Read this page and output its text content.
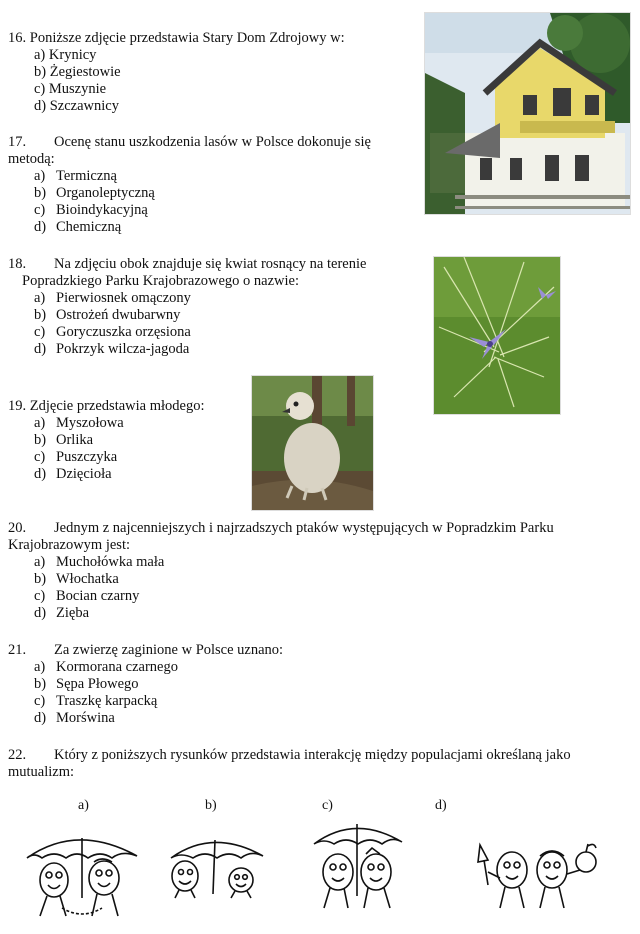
16. Poniższe zdjęcie przedstawia Stary Dom Zdrojowy w:
a) Krynicy
b) Żegiestowie
c) Muszynie
d) Szczawnicy
17. Ocenę stanu uszkodzenia lasów w Polsce dokonuje się
metodą:
a) Termiczną
b) Organoleptyczną
c) Bioindykacyjną
d) Chemiczną
18. Na zdjęciu obok znajduje się kwiat rosnący na terenie
Popradzkiego Parku Krajobrazowego o nazwie:
a) Pierwiosnek omączony
b) Ostrożeń dwubarwny
c) Goryczuszka orzęsiona
d) Pokrzyk wilcza-jagoda
19. Zdjęcie przedstawia młodego:
a) Myszołowa
b) Orlika
c) Puszczyka
d) Dzięcioła
20. Jednym z najcenniejszych i najrzadszych ptaków występujących w Popradzkim Parku
Krajobrazowym jest:
a) Muchołówka mała
b) Włochatka
c) Bocian czarny
d) Zięba
21. Za zwierzę zaginione w Polsce uznano:
a) Kormorana czarnego
b) Sępa Płowego
c) Traszkę karpacką
d) Morświna
22. Który z poniższych rysunków przedstawia interakcję między populacjami określaną jako
mutualizm:
a)	b)	c)	d)
